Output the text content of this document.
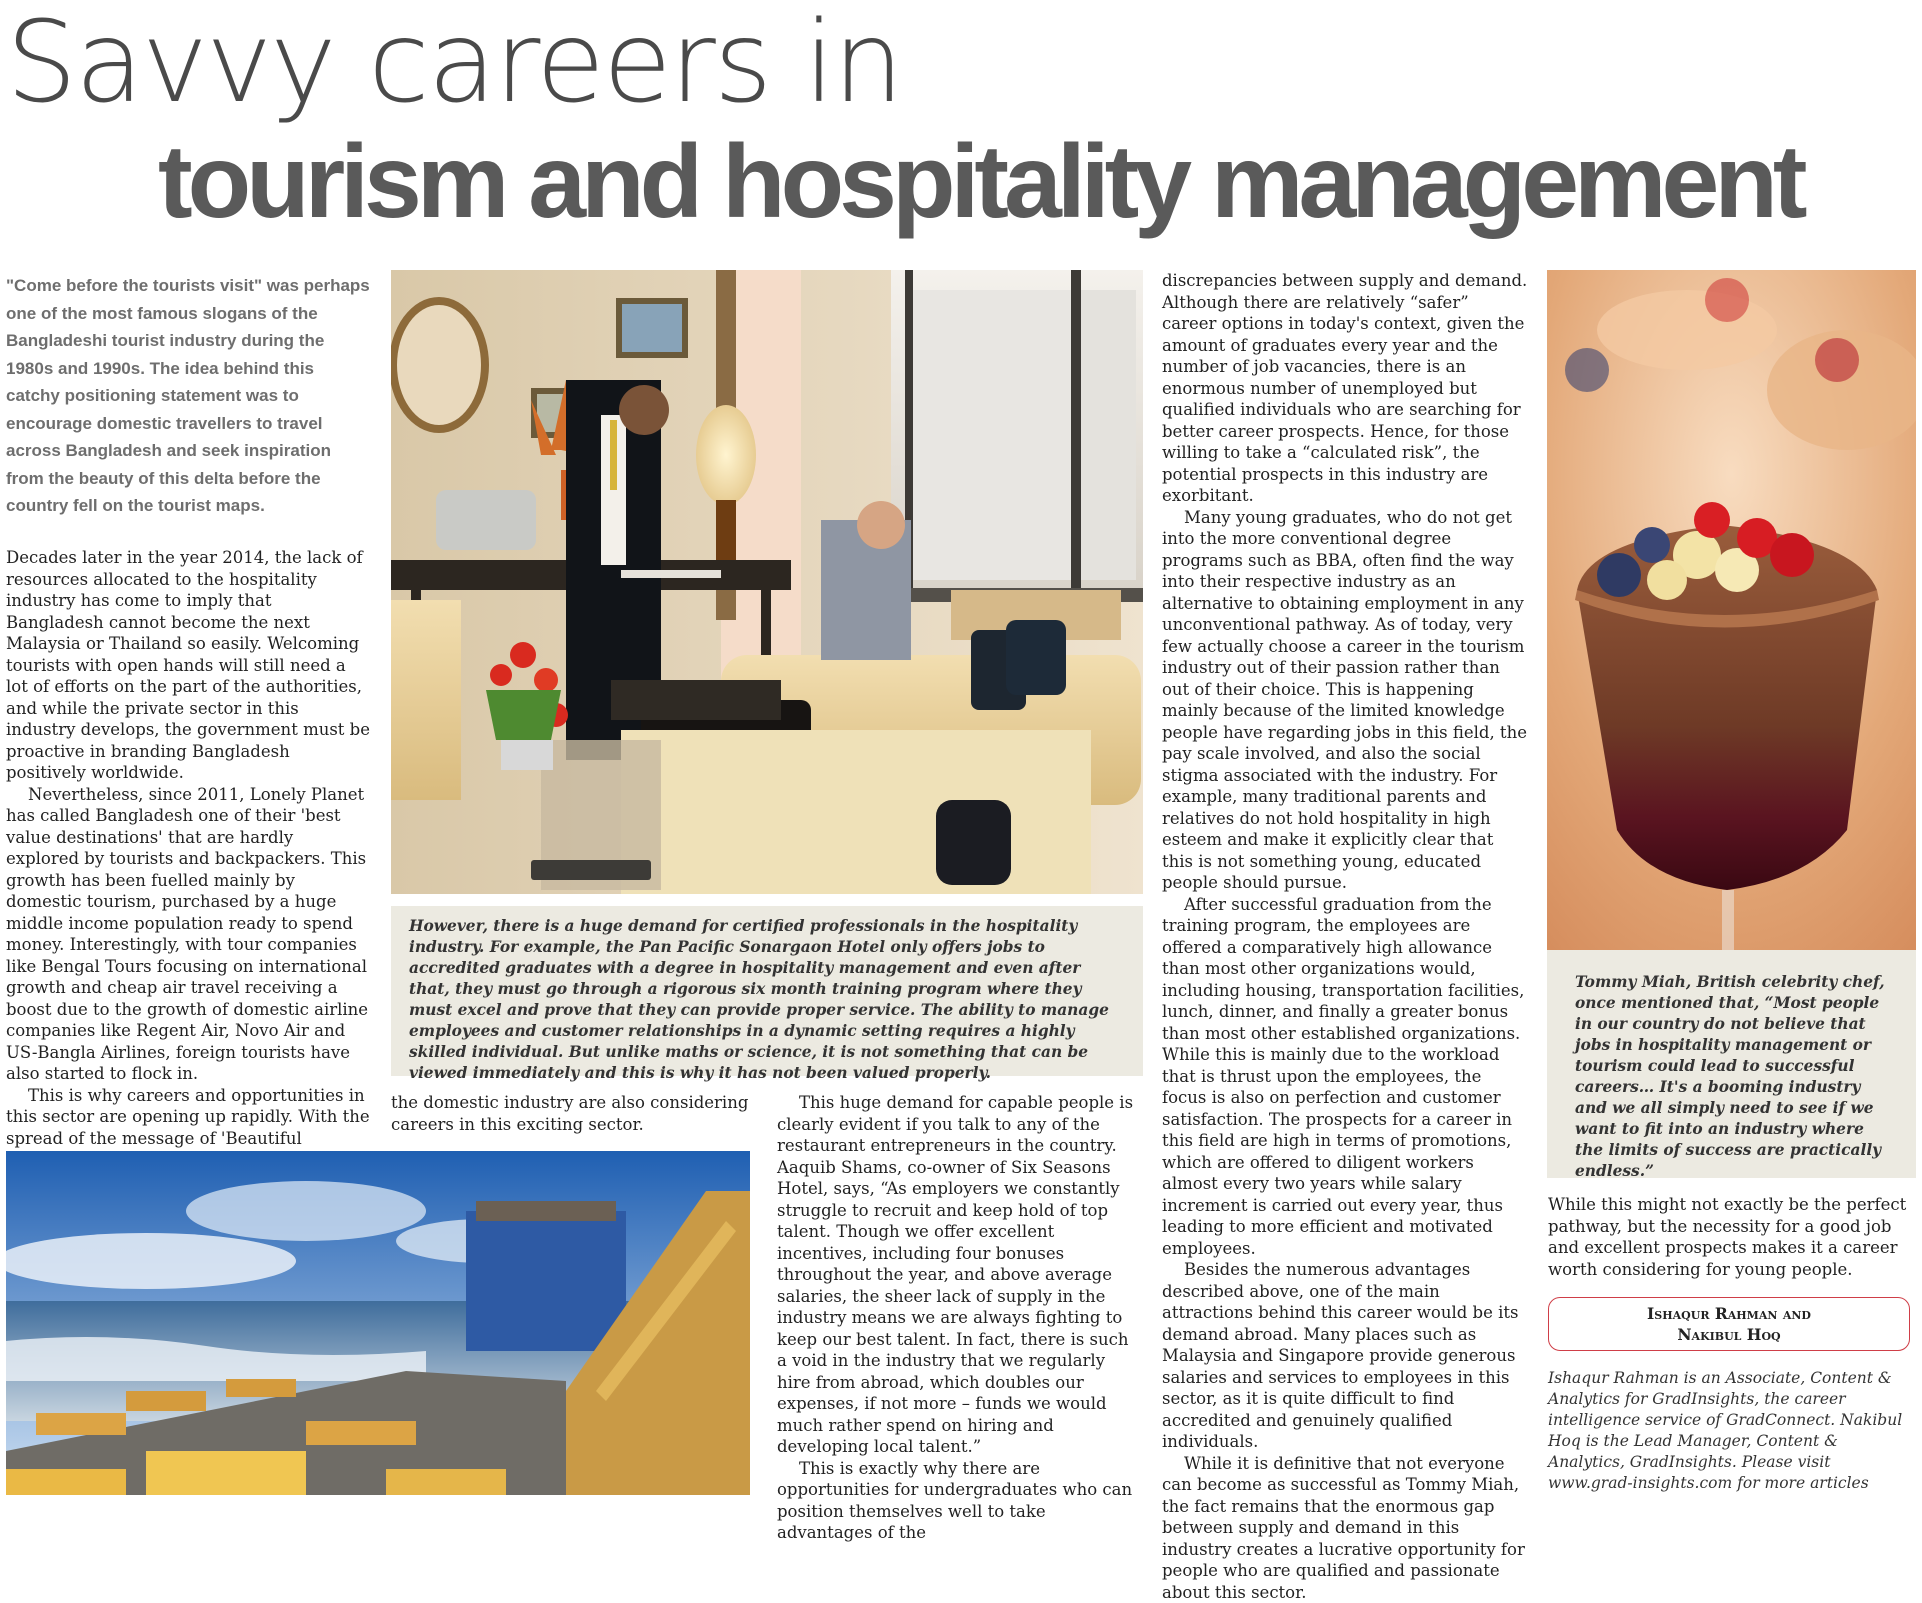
Savvy careers in
tourism and hospitality management

"Come before the tourists visit" was perhaps one of the most famous slogans of the Bangladeshi tourist industry during the 1980s and 1990s. The idea behind this catchy positioning statement was to encourage domestic travellers to travel across Bangladesh and seek inspiration from the beauty of this delta before the country fell on the tourist maps.

Decades later in the year 2014, the lack of resources allocated to the hospitality industry has come to imply that Bangladesh cannot become the next Malaysia or Thailand so easily. Welcoming tourists with open hands will still need a lot of efforts on the part of the authorities, and while the private sector in this industry develops, the government must be proactive in branding Bangladesh positively worldwide.

Nevertheless, since 2011, Lonely Planet has called Bangladesh one of their 'best value destinations' that are hardly explored by tourists and backpackers. This growth has been fuelled mainly by domestic tourism, purchased by a huge middle income population ready to spend money. Interestingly, with tour companies like Bengal Tours focusing on international growth and cheap air travel receiving a boost due to the growth of domestic airline companies like Regent Air, Novo Air and US-Bangla Airlines, foreign tourists have also started to flock in.

This is why careers and opportunities in this sector are opening up rapidly. With the spread of the message of 'Beautiful

However, there is a huge demand for certified professionals in the hospitality industry. For example, the Pan Pacific Sonargaon Hotel only offers jobs to accredited graduates with a degree in hospitality management and even after that, they must go through a rigorous six month training program where they must excel and prove that they can provide proper service. The ability to manage employees and customer relationships in a dynamic setting requires a highly skilled individual. But unlike maths or science, it is not something that can be viewed immediately and this is why it has not been valued properly.

the domestic industry are also considering careers in this exciting sector.

This huge demand for capable people is clearly evident if you talk to any of the restaurant entrepreneurs in the country. Aaquib Shams, co-owner of Six Seasons Hotel, says, “As employers we constantly struggle to recruit and keep hold of top talent. Though we offer excellent incentives, including four bonuses throughout the year, and above average salaries, the sheer lack of supply in the industry means we are always fighting to keep our best talent. In fact, there is such a void in the industry that we regularly hire from abroad, which doubles our expenses, if not more – funds we would much rather spend on hiring and developing local talent.”

This is exactly why there are opportunities for undergraduates who can position themselves well to take advantages of the

discrepancies between supply and demand. Although there are relatively “safer” career options in today's context, given the amount of graduates every year and the number of job vacancies, there is an enormous number of unemployed but qualified individuals who are searching for better career prospects. Hence, for those willing to take a “calculated risk”, the potential prospects in this industry are exorbitant.

Many young graduates, who do not get into the more conventional degree programs such as BBA, often find the way into their respective industry as an alternative to obtaining employment in any unconventional pathway. As of today, very few actually choose a career in the tourism industry out of their passion rather than out of their choice. This is happening mainly because of the limited knowledge people have regarding jobs in this field, the pay scale involved, and also the social stigma associated with the industry. For example, many traditional parents and relatives do not hold hospitality in high esteem and make it explicitly clear that this is not something young, educated people should pursue.

After successful graduation from the training program, the employees are offered a comparatively high allowance than most other organizations would, including housing, transportation facilities, lunch, dinner, and finally a greater bonus than most other established organizations. While this is mainly due to the workload that is thrust upon the employees, the focus is also on perfection and customer satisfaction. The prospects for a career in this field are high in terms of promotions, which are offered to diligent workers almost every two years while salary increment is carried out every year, thus leading to more efficient and motivated employees.

Besides the numerous advantages described above, one of the main attractions behind this career would be its demand abroad. Many places such as Malaysia and Singapore provide generous salaries and services to employees in this sector, as it is quite difficult to find accredited and genuinely qualified individuals.

While it is definitive that not everyone can become as successful as Tommy Miah, the fact remains that the enormous gap between supply and demand in this industry creates a lucrative opportunity for people who are qualified and passionate about this sector.

Tommy Miah, British celebrity chef, once mentioned that, “Most people in our country do not believe that jobs in hospitality management or tourism could lead to successful careers… It's a booming industry and we all simply need to see if we want to fit into an industry where the limits of success are practically endless.”

While this might not exactly be the perfect pathway, but the necessity for a good job and excellent prospects makes it a career worth considering for young people.

Ishaqur Rahman and
Nakibul Hoq

Ishaqur Rahman is an Associate, Content & Analytics for GradInsights, the career intelligence service of GradConnect. Nakibul Hoq is the Lead Manager, Content & Analytics, GradInsights. Please visit www.grad-insights.com for more articles
